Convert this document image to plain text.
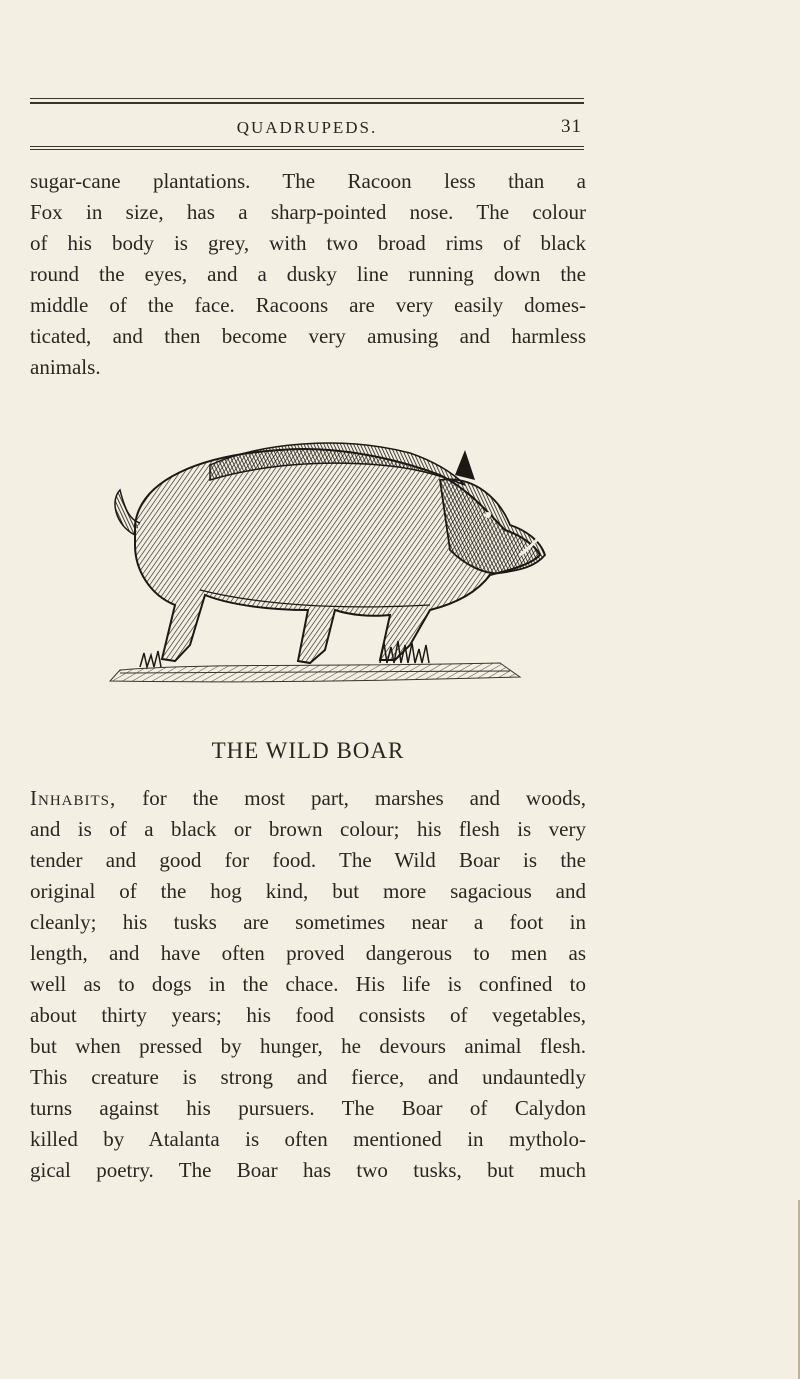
QUADRUPEDS.	31

sugar-cane plantations. The Racoon less than a
Fox in size, has a sharp-pointed nose. The colour
of his body is grey, with two broad rims of black
round the eyes, and a dusky line running down the
middle of the face. Racoons are very easily domes-
ticated, and then become very amusing and harmless
animals.

THE WILD BOAR

Inhabits, for the most part, marshes and woods,
and is of a black or brown colour; his flesh is very
tender and good for food. The Wild Boar is the
original of the hog kind, but more sagacious and
cleanly; his tusks are sometimes near a foot in
length, and have often proved dangerous to men as
well as to dogs in the chace. His life is confined to
about thirty years; his food consists of vegetables,
but when pressed by hunger, he devours animal flesh.
This creature is strong and fierce, and undauntedly
turns against his pursuers. The Boar of Calydon
killed by Atalanta is often mentioned in mytholo-
gical poetry. The Boar has two tusks, but much
